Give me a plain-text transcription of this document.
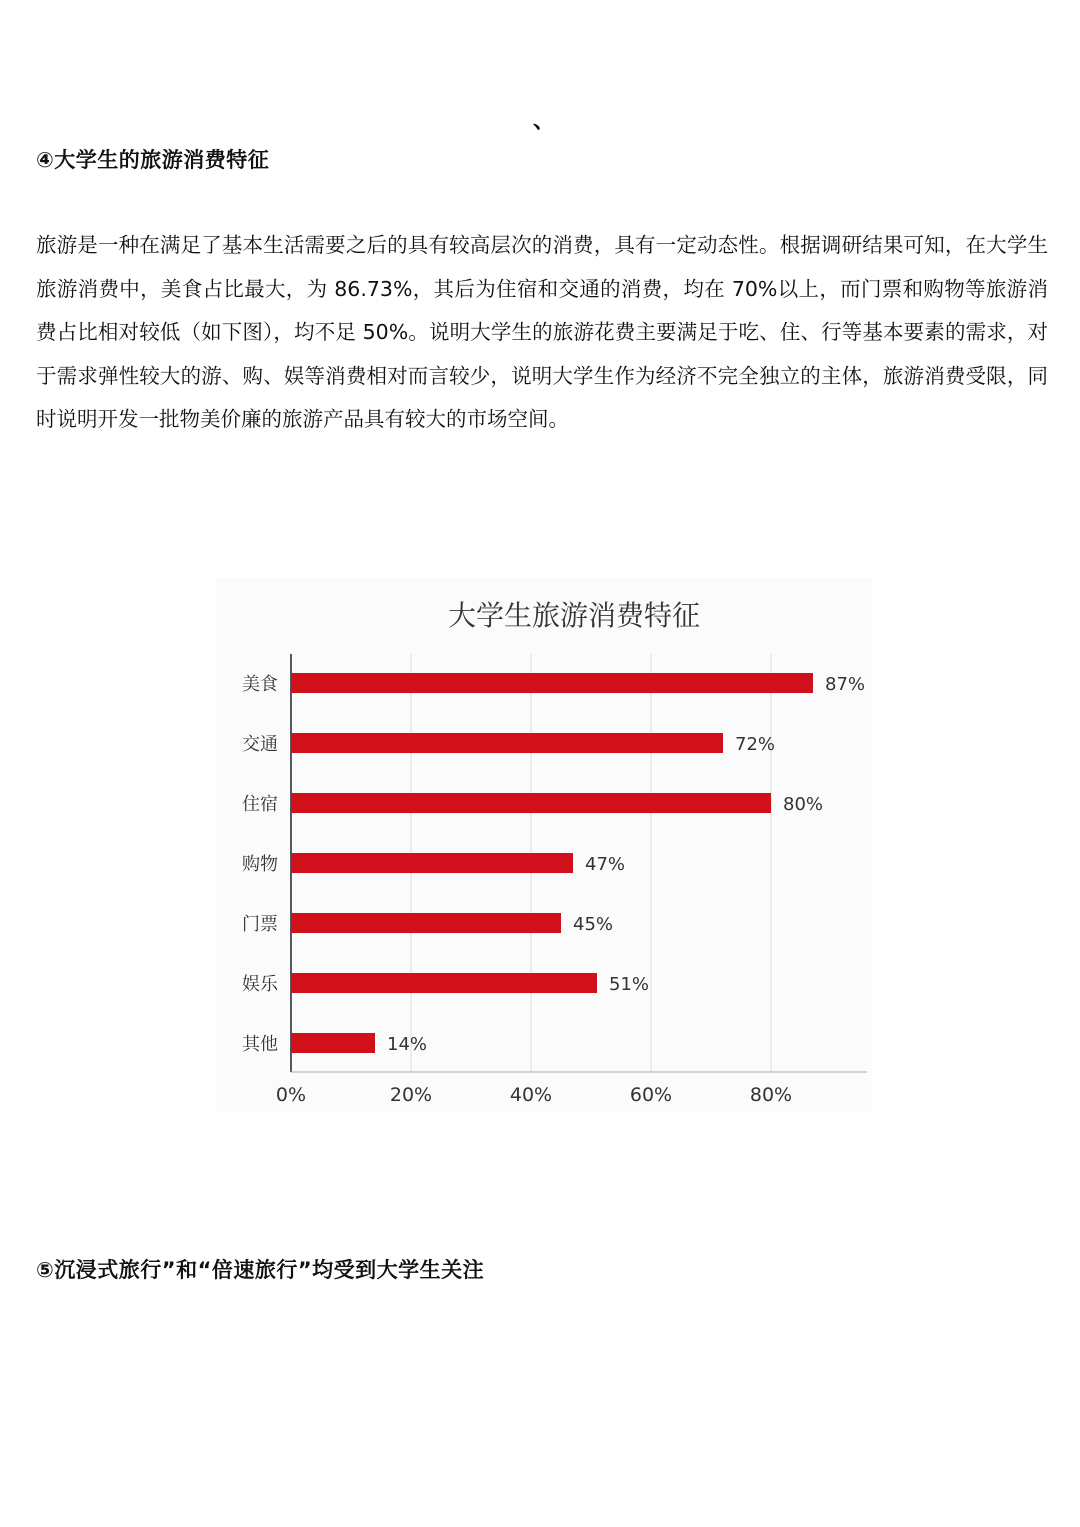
、
④大学生的旅游消费特征
旅游是一种在满足了基本生活需要之后的具有较高层次的消费，具有一定动态性。根据调研结果可知，在大学生旅游消费中，美食占比最大，为 86.73%，其后为住宿和交通的消费，均在 70%以上，而门票和购物等旅游消费占比相对较低（如下图），均不足 50%。说明大学生的旅游花费主要满足于吃、住、行等基本要素的需求，对于需求弹性较大的游、购、娱等消费相对而言较少，说明大学生作为经济不完全独立的主体，旅游消费受限，同时说明开发一批物美价廉的旅游产品具有较大的市场空间。
大学生旅游消费特征
0%	20%	40%	60%	80%
美食	87%
交通	72%
住宿	80%
购物	47%
门票	45%
娱乐	51%
其他	14%
⑤沉浸式旅行”和“倍速旅行”均受到大学生关注
